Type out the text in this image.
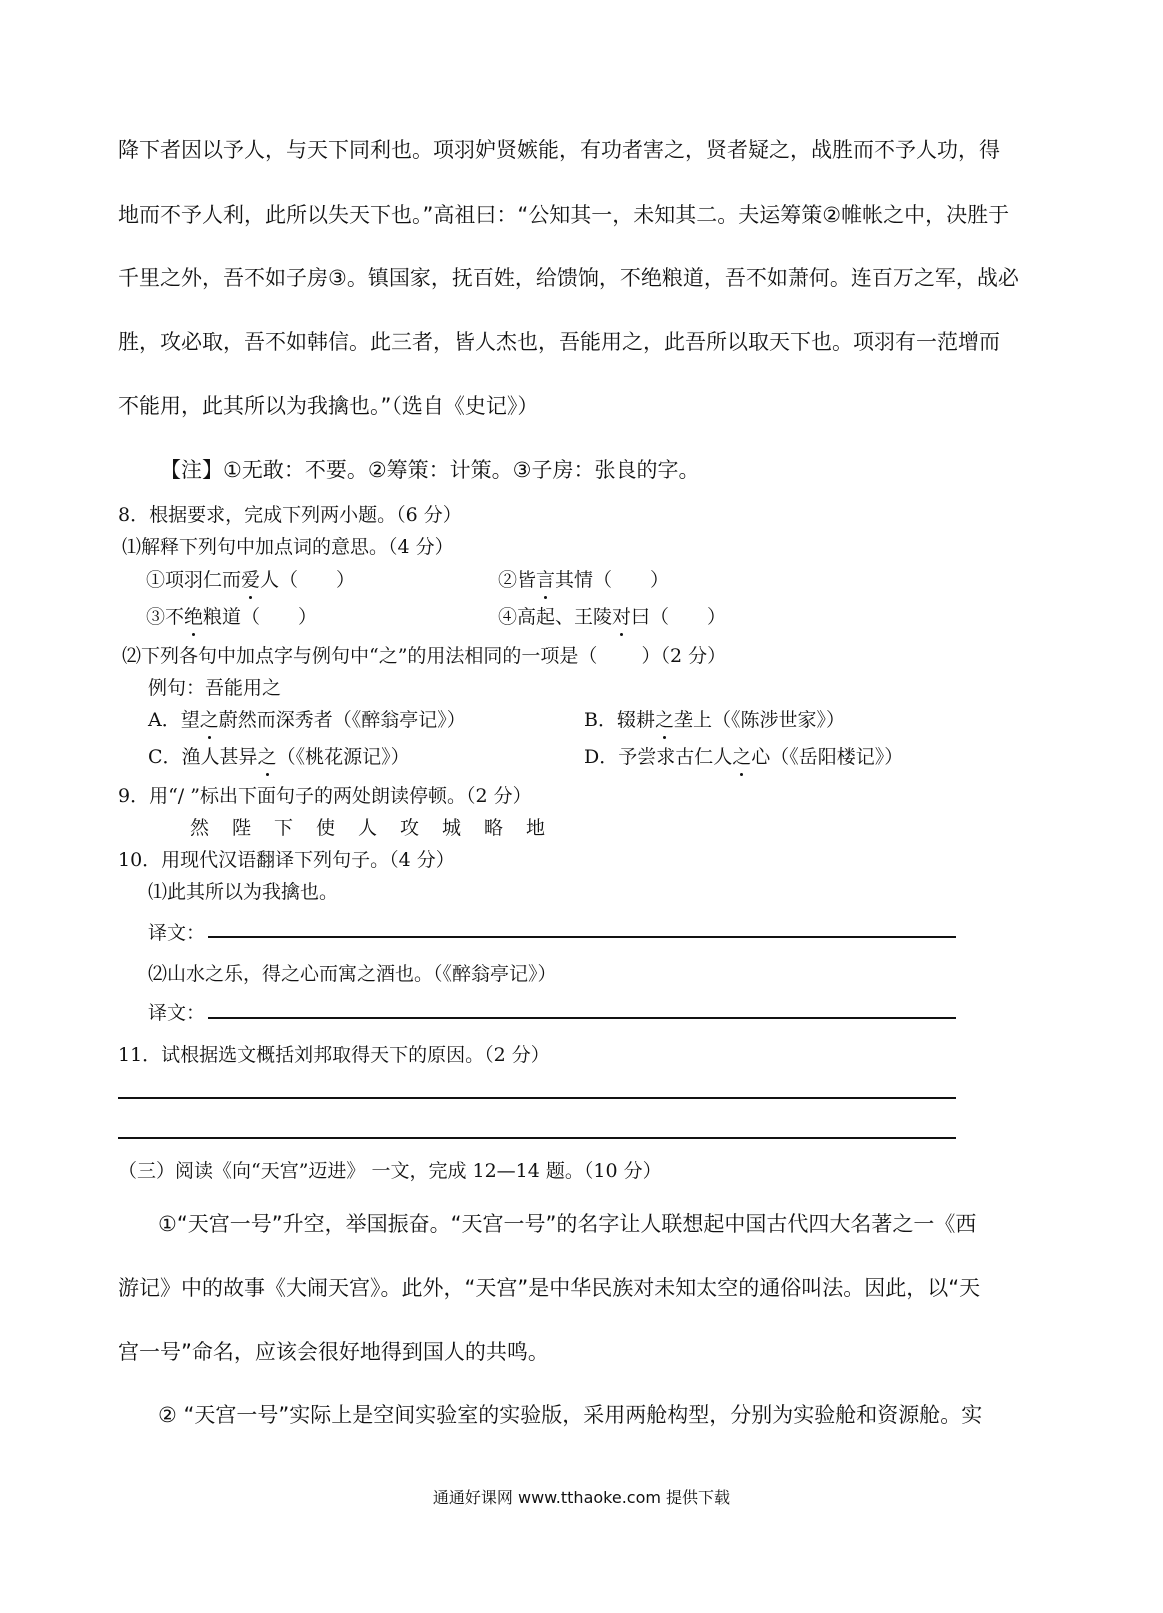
降下者因以予人，与天下同利也。项羽妒贤嫉能，有功者害之，贤者疑之，战胜而不予人功，得
地而不予人利，此所以失天下也。”高祖曰：“公知其一，未知其二。夫运筹策②帷帐之中，决胜于
千里之外，吾不如子房③。镇国家，抚百姓，给馈饷，不绝粮道，吾不如萧何。连百万之军，战必
胜，攻必取，吾不如韩信。此三者，皆人杰也，吾能用之，此吾所以取天下也。项羽有一范增而
不能用，此其所以为我擒也。”（选自《史记》）
【注】①无敢：不要。②筹策：计策。③子房：张良的字。
8．根据要求，完成下列两小题。（6 分）
⑴解释下列句中加点词的意思。（4 分）
①项羽仁而爱人（　　）	②皆言其情（　　）
③不绝粮道（　　）	④高起、王陵对曰（　　）
⑵下列各句中加点字与例句中“之”的用法相同的一项是（　　 ）（2 分）
例句：吾能用之
A．望之蔚然而深秀者（《醉翁亭记》）	B．辍耕之垄上（《陈涉世家》）
C．渔人甚异之（《桃花源记》）	D．予尝求古仁人之心（《岳阳楼记》）
9．用“/ ”标出下面句子的两处朗读停顿。（2 分）
然 陛 下 使 人 攻 城 略 地
10．用现代汉语翻译下列句子。（4 分）
⑴此其所以为我擒也。
译文：
⑵山水之乐，得之心而寓之酒也。（《醉翁亭记》）
译文：
11．试根据选文概括刘邦取得天下的原因。（2 分）
（三）阅读《向“天宫”迈进》 一文，完成 12—14 题。（10 分）
①“天宫一号”升空，举国振奋。“天宫一号”的名字让人联想起中国古代四大名著之一《西
游记》中的故事《大闹天宫》。此外，“天宫”是中华民族对未知太空的通俗叫法。因此，以“天
宫一号”命名，应该会很好地得到国人的共鸣。
② “天宫一号”实际上是空间实验室的实验版，采用两舱构型，分别为实验舱和资源舱。实
通通好课网 www.tthaoke.com 提供下载
